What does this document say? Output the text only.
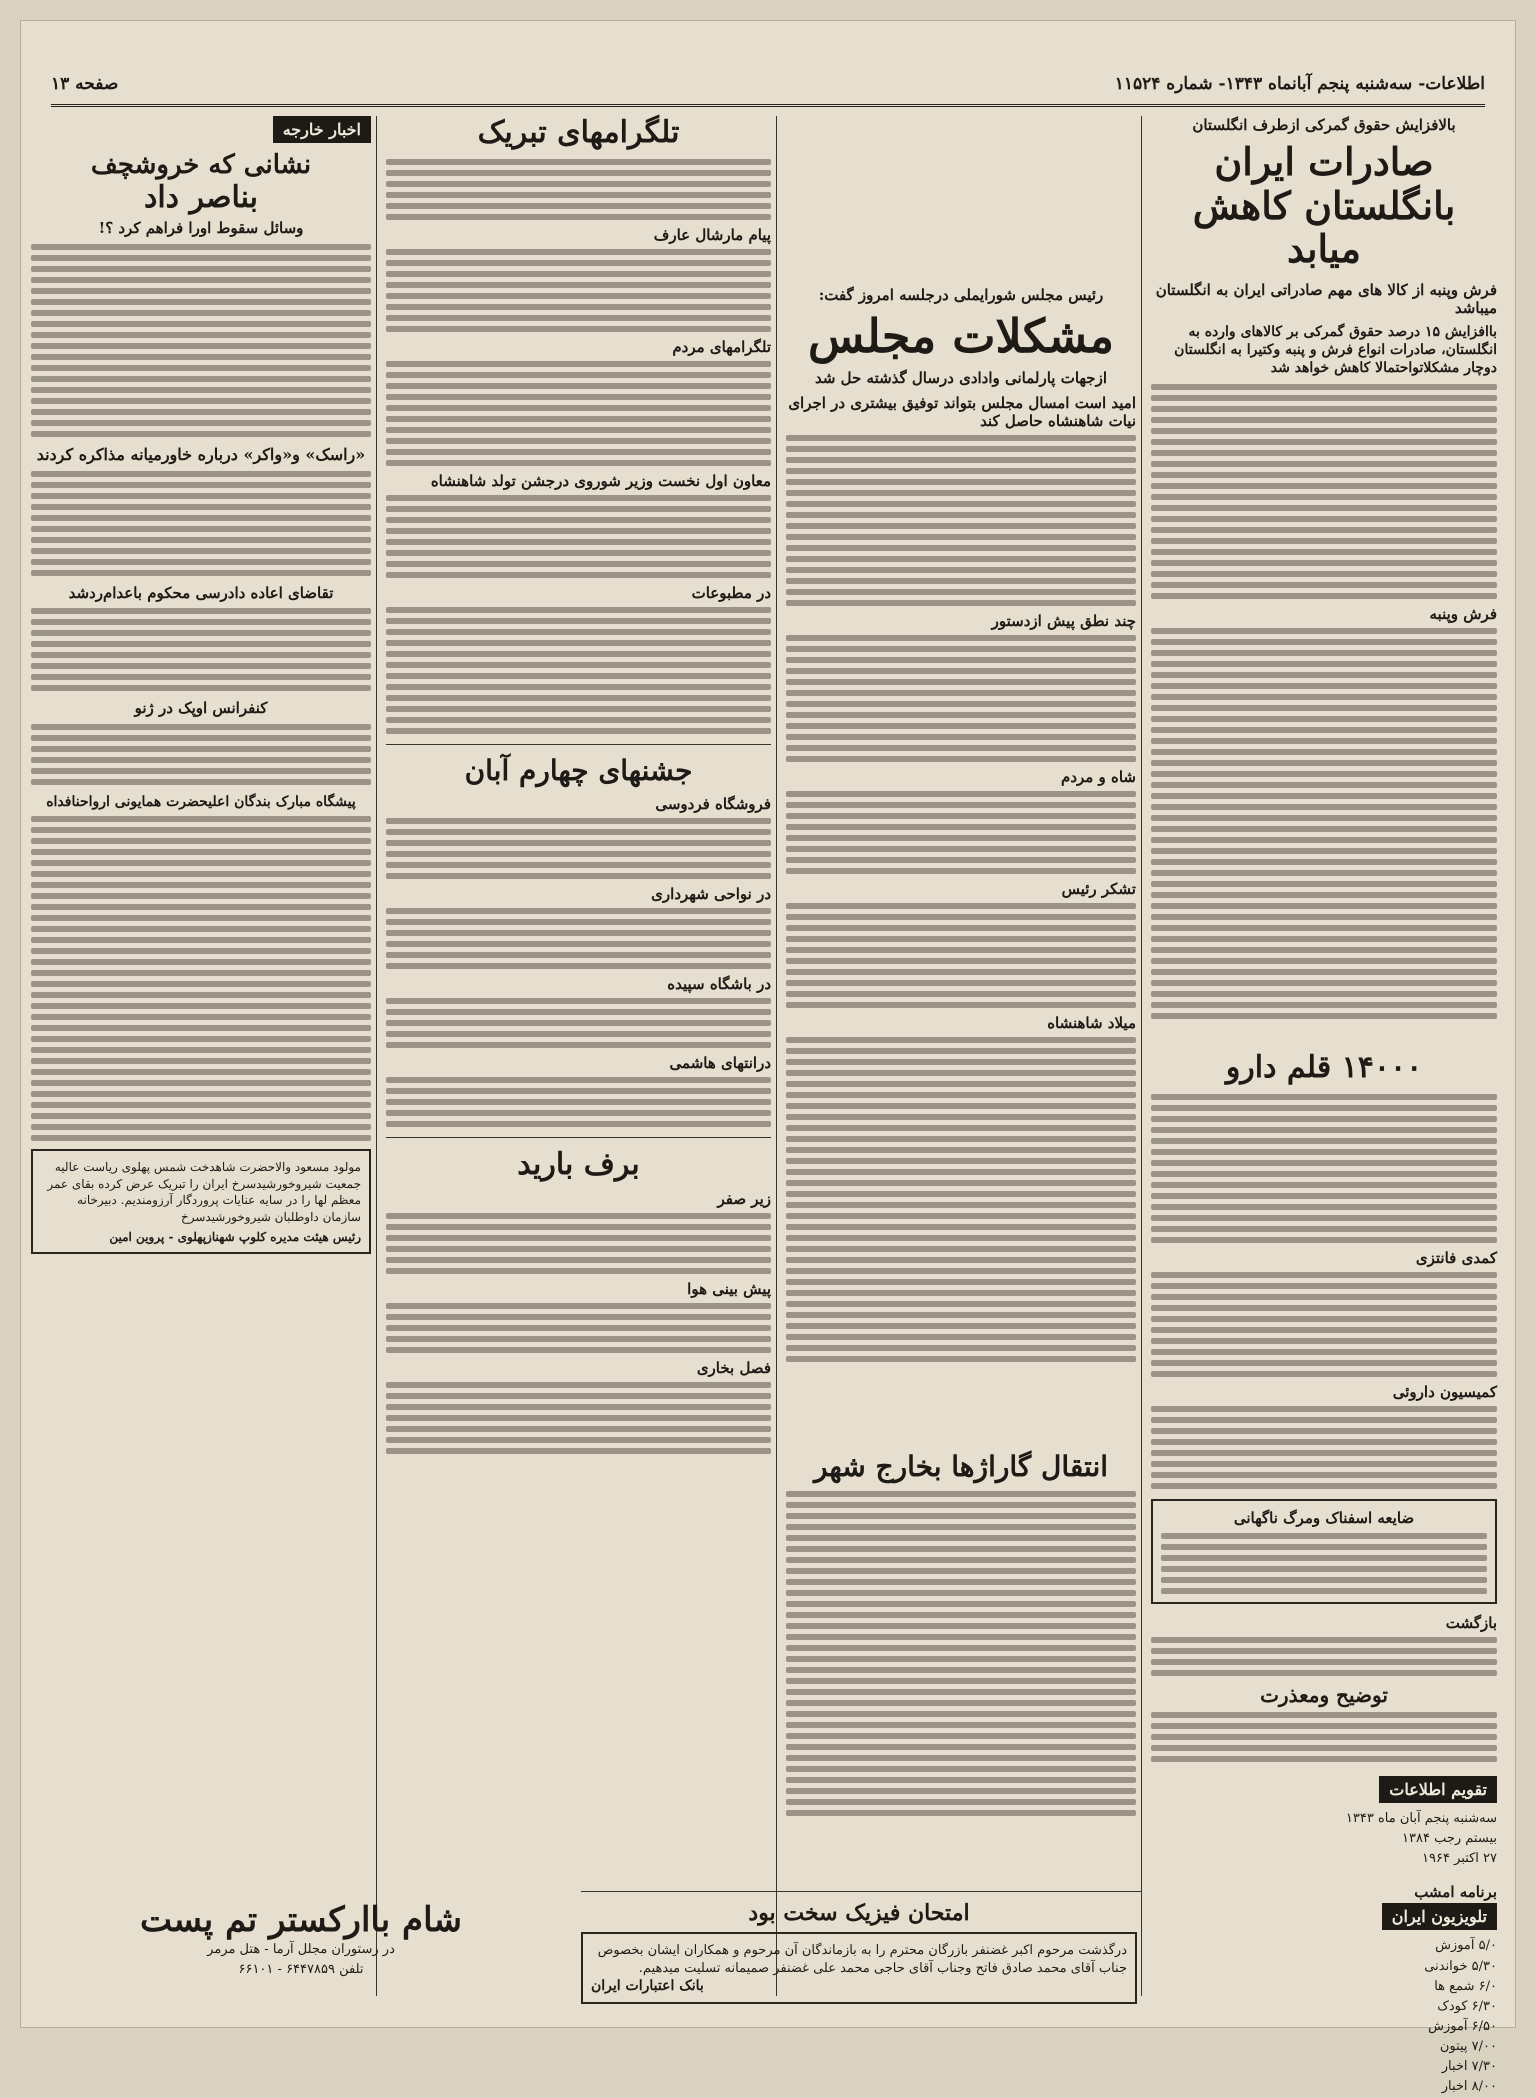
اطلاعات- سه‌شنبه پنجم آبانماه ۱۳۴۳- شماره ۱۱۵۲۴
صفحه ۱۳
بالافزایش حقوق گمرکی ازطرف انگلستان
صادرات ایران بانگلستان کاهش میابد
فرش وپنبه از کالا های مهم صادراتی ایران به انگلستان میباشد
باافزایش ۱۵ درصد حقوق گمرکی بر کالاهای وارده به انگلستان، صادرات انواع فرش و پنبه وکتیرا به انگلستان دوچار مشکلاتواحتمالا کاهش خواهد شد
فرش وپنبه
رئیس مجلس شورایملی درجلسه امروز گفت:
مشکلات مجلس
ازجهات پارلمانی وادادی درسال گذشته حل شد
امید است امسال مجلس بتواند توفیق بیشتری در اجرای نیات شاهنشاه حاصل کند
چند نطق پیش ازدستور
شاه و مردم
تشکر رئیس
میلاد شاهنشاه
انتقال گاراژها بخارج شهر
امتحان فیزیک سخت بود
درگذشت مرحوم اکبر غضنفر بازرگان محترم را به بازماندگان آن مرحوم و همکاران ایشان بخصوص جناب آقای محمد صادق فاتح وجناب آقای حاجی محمد علی غضنفر صمیمانه تسلیت میدهیم.
بانک اعتبارات ایران
۱۴۰۰۰ قلم دارو
کمدی فانتزی
کمیسیون داروئی
ضایعه اسفناک ومرگ ناگهانی
بازگشت
توضیح ومعذرت
تقویم اطلاعات
سه‌شنبه پنجم آبان ماه ۱۳۴۳
بیستم رجب ۱۳۸۴
۲۷ اکتبر ۱۹۶۴
برنامه امشب
تلویزیون ایران
۵/۰ آموزش
۵/۳۰ خواندنی
۶/۰ شمع ها
۶/۳۰ کودک
۶/۵۰ آموزش
۷/۰۰ پیتون
۷/۳۰ اخبار
۸/۰۰ اخبار
تلگرامهای تبریک
پیام مارشال عارف
تلگرامهای مردم
معاون اول نخست وزیر شوروی درجشن تولد شاهنشاه
در مطبوعات
جشنهای چهارم آبان
فروشگاه فردوسی
در نواحی شهرداری
در باشگاه سپیده
درانتهای هاشمی
برف بارید
زیر صفر
پیش بینی هوا
فصل بخاری
اخبار خارجه
نشانی که خروشچف
بناصر داد
وسائل سقوط اورا فراهم کرد ؟!
«راسک» و«واکر» درباره خاورمیانه مذاکره کردند
تقاضای اعاده دادرسی محکوم باعدام‌ردشد
کنفرانس اوپک در ژنو
پیشگاه مبارک بندگان اعلیحضرت همایونی ارواحنافداه
مولود مسعود والاحضرت شاهدخت شمس پهلوی ریاست عالیه جمعیت شیروخورشیدسرخ ایران را تبریک عرض کرده بقای عمر معظم لها را در سایه عنایات پروردگار آرزومندیم. دبیرخانه سازمان داوطلبان شیروخورشیدسرخ
رئیس هیئت مدیره کلوپ شهنازپهلوی - پروین امین
شام باارکستر تم پست
در رستوران مجلل آرما - هتل مرمر
تلفن ۶۴۴۷۸۵۹ - ۶۶۱۰۱
